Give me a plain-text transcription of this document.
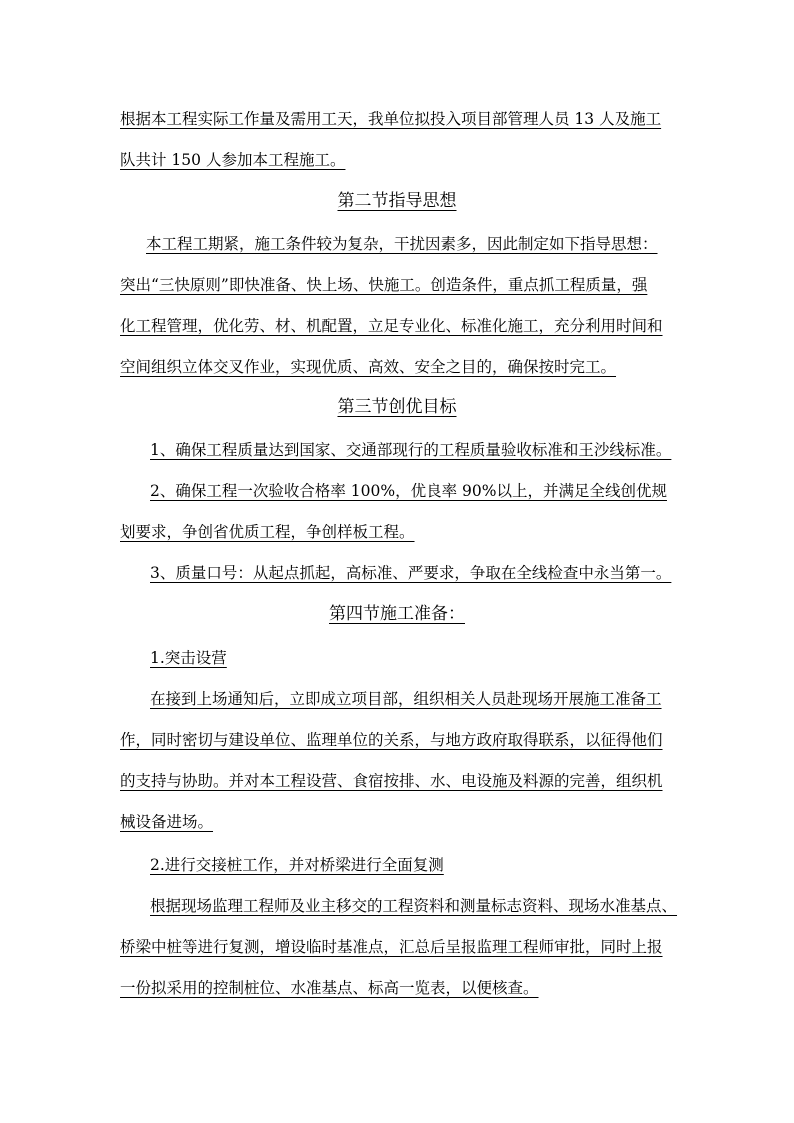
根据本工程实际工作量及需用工天，我单位拟投入项目部管理人员 13 人及施工
队共计 150 人参加本工程施工。
第二节指导思想
本工程工期紧，施工条件较为复杂，干扰因素多，因此制定如下指导思想：
突出“三快原则”即快准备、快上场、快施工。创造条件，重点抓工程质量，强
化工程管理，优化劳、材、机配置，立足专业化、标准化施工，充分利用时间和
空间组织立体交叉作业，实现优质、高效、安全之目的，确保按时完工。
第三节创优目标
1、确保工程质量达到国家、交通部现行的工程质量验收标准和王沙线标准。
2、确保工程一次验收合格率 100%，优良率 90%以上，并满足全线创优规
划要求，争创省优质工程，争创样板工程。
3、质量口号：从起点抓起，高标准、严要求，争取在全线检查中永当第一。
第四节施工准备：
1.突击设营
在接到上场通知后，立即成立项目部，组织相关人员赴现场开展施工准备工
作，同时密切与建设单位、监理单位的关系，与地方政府取得联系，以征得他们
的支持与协助。并对本工程设营、食宿按排、水、电设施及料源的完善，组织机
械设备进场。
2.进行交接桩工作，并对桥梁进行全面复测
根据现场监理工程师及业主移交的工程资料和测量标志资料、现场水准基点、
桥梁中桩等进行复测，增设临时基准点，汇总后呈报监理工程师审批，同时上报
一份拟采用的控制桩位、水准基点、标高一览表，以便核查。
